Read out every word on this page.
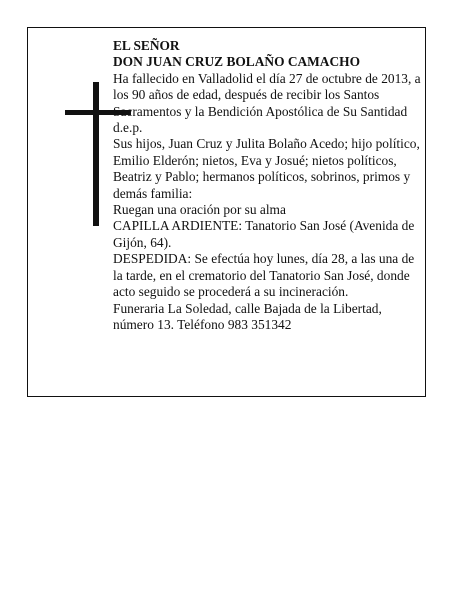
EL SEÑOR

DON JUAN CRUZ BOLAÑO CAMACHO

Ha fallecido en Valladolid el día 27 de octubre de 2013, a los 90 años de edad, después de recibir los Santos Sacramentos y la Bendición Apostólica de Su Santidad d.e.p.

Sus hijos, Juan Cruz y Julita Bolaño Acedo; hijo político, Emilio Elderón; nietos, Eva y Josué; nietos políticos, Beatriz y Pablo; hermanos políticos, sobrinos, primos y demás familia:

Ruegan una oración por su alma

CAPILLA ARDIENTE: Tanatorio San José (Avenida de Gijón, 64).

DESPEDIDA: Se efectúa hoy lunes, día 28, a las una de la tarde, en el crematorio del Tanatorio San José, donde acto seguido se procederá a su incineración.

Funeraria La Soledad, calle Bajada de la Libertad, número 13. Teléfono 983 351342
